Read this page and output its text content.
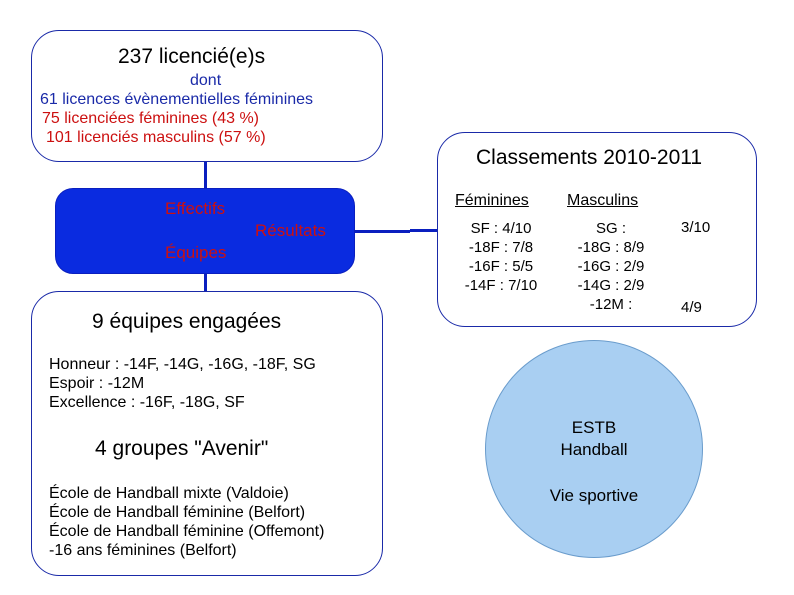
237 licencié(e)s
dont
61 licences évènementielles féminines
75 licenciées féminines (43 %)
101 licenciés masculins (57 %)
Effectifs
Résultats
Équipes
9 équipes engagées
Honneur : -14F, -14G, -16G, -18F, SG
Espoir : -12M
Excellence : -16F, -18G, SF
4 groupes "Avenir"
École de Handball mixte (Valdoie)
École de Handball féminine (Belfort)
École de Handball féminine (Offemont)
-16 ans féminines (Belfort)
Classements 2010-2011
Féminines Masculins
SF : 4/10
-18F : 7/8
-16F : 5/5
-14F : 7/10
SG :
-18G : 8/9
-16G : 2/9
-14G : 2/9
-12M :
3/10
4/9
ESTB
Handball
Vie sportive
